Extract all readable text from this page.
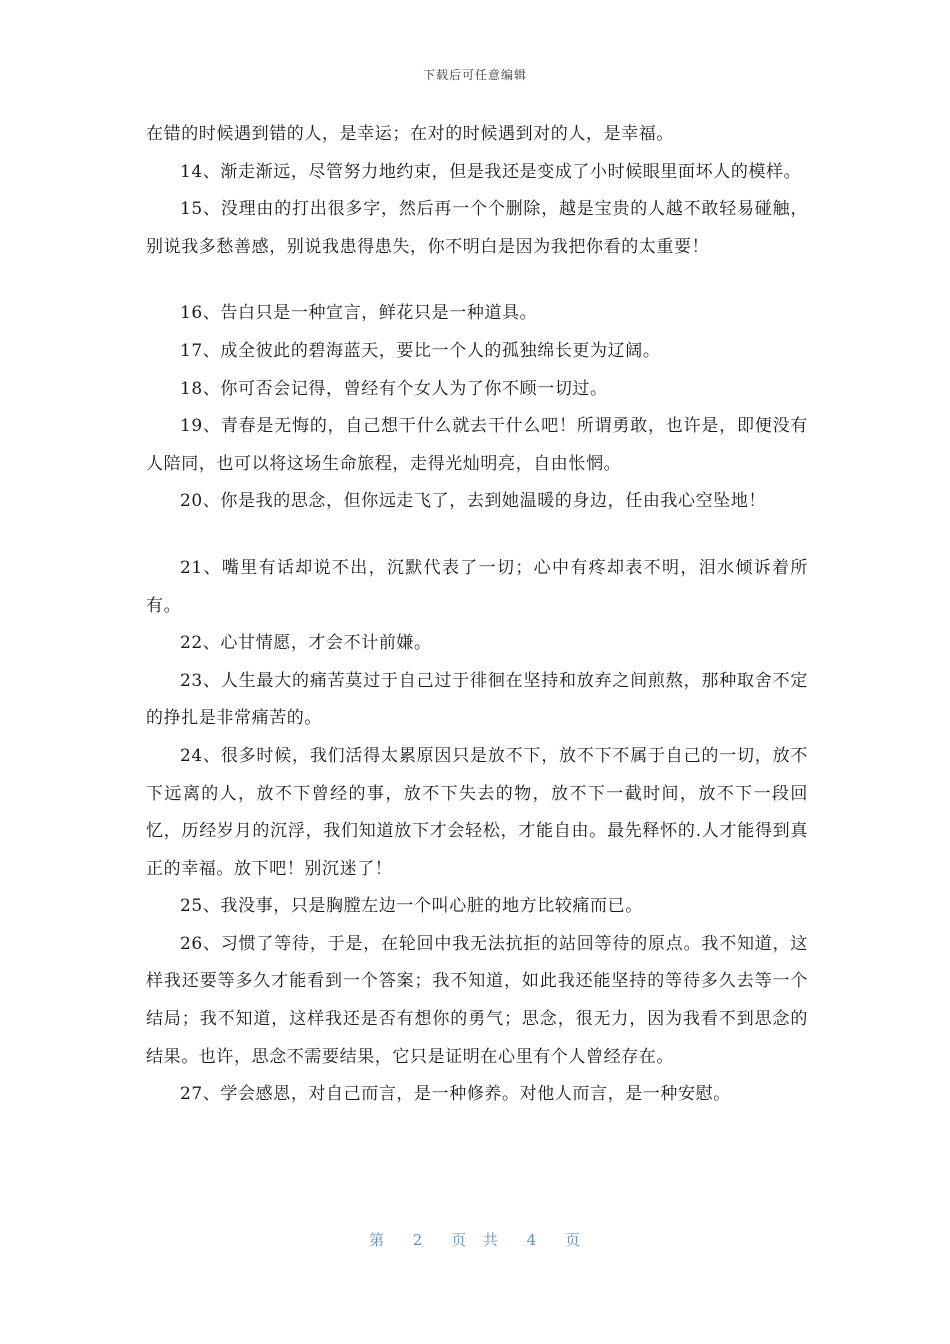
下载后可任意编辑

在错的时候遇到错的人，是幸运；在对的时候遇到对的人，是幸福。

14、渐走渐远，尽管努力地约束，但是我还是变成了小时候眼里面坏人的模样。

15、没理由的打出很多字，然后再一个个删除，越是宝贵的人越不敢轻易碰触，别说我多愁善感，别说我患得患失，你不明白是因为我把你看的太重要！

16、告白只是一种宣言，鲜花只是一种道具。

17、成全彼此的碧海蓝天，要比一个人的孤独绵长更为辽阔。

18、你可否会记得，曾经有个女人为了你不顾一切过。

19、青春是无悔的，自己想干什么就去干什么吧！所谓勇敢，也许是，即便没有人陪同，也可以将这场生命旅程，走得光灿明亮，自由怅惘。

20、你是我的思念，但你远走飞了，去到她温暖的身边，任由我心空坠地！

21、嘴里有话却说不出，沉默代表了一切；心中有疼却表不明，泪水倾诉着所有。

22、心甘情愿，才会不计前嫌。

23、人生最大的痛苦莫过于自己过于徘徊在坚持和放弃之间煎熬，那种取舍不定的挣扎是非常痛苦的。

24、很多时候，我们活得太累原因只是放不下，放不下不属于自己的一切，放不下远离的人，放不下曾经的事，放不下失去的物，放不下一截时间，放不下一段回忆，历经岁月的沉浮，我们知道放下才会轻松，才能自由。最先释怀的.人才能得到真正的幸福。放下吧！别沉迷了！

25、我没事，只是胸膛左边一个叫心脏的地方比较痛而已。

26、习惯了等待，于是，在轮回中我无法抗拒的站回等待的原点。我不知道，这样我还要等多久才能看到一个答案；我不知道，如此我还能坚持的等待多久去等一个结局；我不知道，这样我还是否有想你的勇气；思念，很无力，因为我看不到思念的结果。也许，思念不需要结果，它只是证明在心里有个人曾经存在。

27、学会感恩，对自己而言，是一种修养。对他人而言，是一种安慰。

第 2 页 共 4 页
